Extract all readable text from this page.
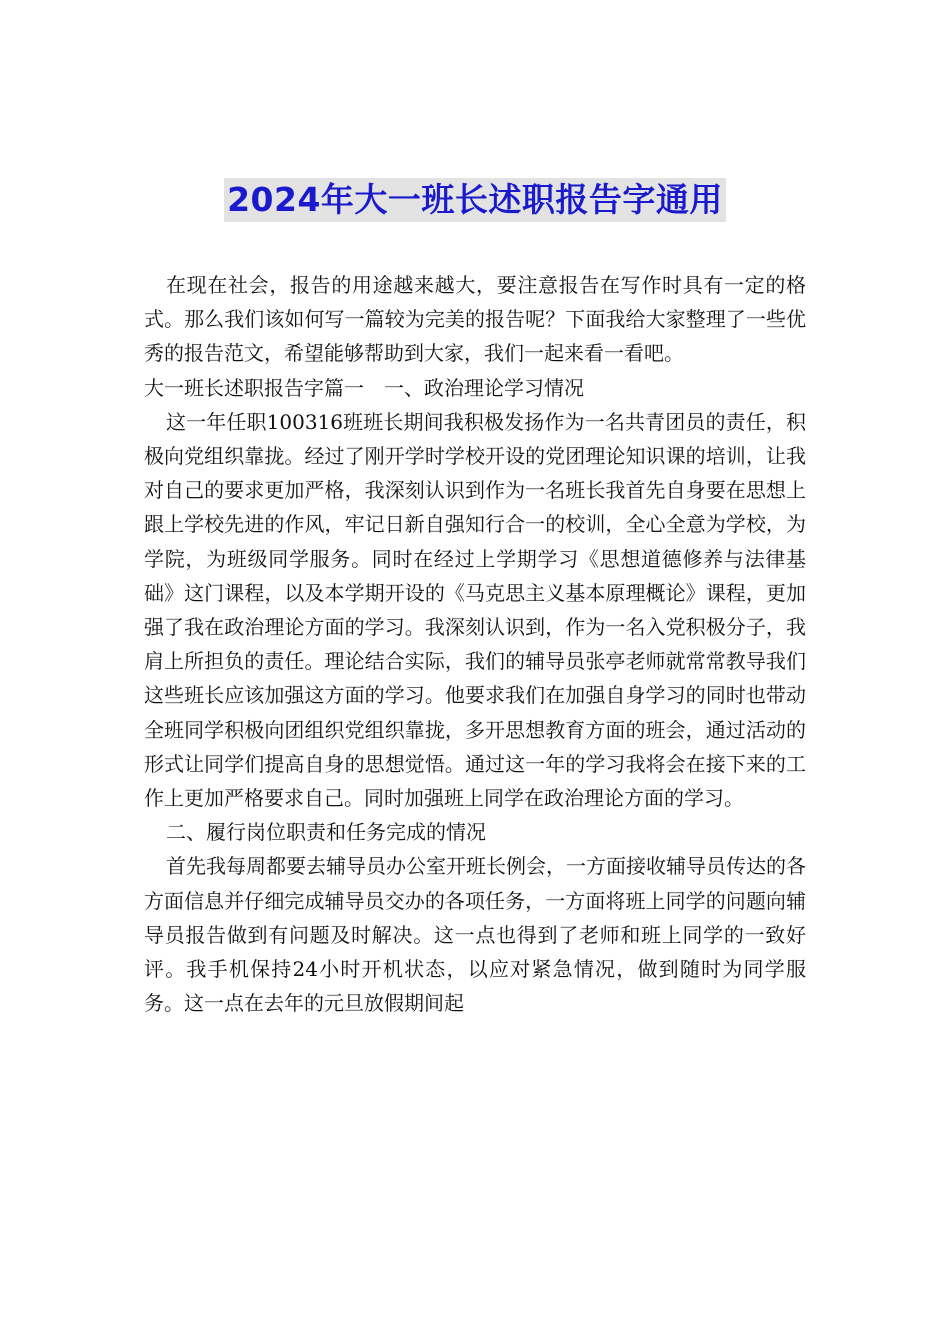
2024年大一班长述职报告字通用

在现在社会，报告的用途越来越大，要注意报告在写作时具有一定的格式。那么我们该如何写一篇较为完美的报告呢？下面我给大家整理了一些优秀的报告范文，希望能够帮助到大家，我们一起来看一看吧。

大一班长述职报告字篇一　一、政治理论学习情况

这一年任职100316班班长期间我积极发扬作为一名共青团员的责任，积极向党组织靠拢。经过了刚开学时学校开设的党团理论知识课的培训，让我对自己的要求更加严格，我深刻认识到作为一名班长我首先自身要在思想上跟上学校先进的作风，牢记日新自强知行合一的校训，全心全意为学校，为学院，为班级同学服务。同时在经过上学期学习《思想道德修养与法律基础》这门课程，以及本学期开设的《马克思主义基本原理概论》课程，更加强了我在政治理论方面的学习。我深刻认识到，作为一名入党积极分子，我肩上所担负的责任。理论结合实际，我们的辅导员张亭老师就常常教导我们这些班长应该加强这方面的学习。他要求我们在加强自身学习的同时也带动全班同学积极向团组织党组织靠拢，多开思想教育方面的班会，通过活动的形式让同学们提高自身的思想觉悟。通过这一年的学习我将会在接下来的工作上更加严格要求自己。同时加强班上同学在政治理论方面的学习。

二、履行岗位职责和任务完成的情况

首先我每周都要去辅导员办公室开班长例会，一方面接收辅导员传达的各方面信息并仔细完成辅导员交办的各项任务，一方面将班上同学的问题向辅导员报告做到有问题及时解决。这一点也得到了老师和班上同学的一致好评。我手机保持24小时开机状态，以应对紧急情况，做到随时为同学服务。这一点在去年的元旦放假期间起
